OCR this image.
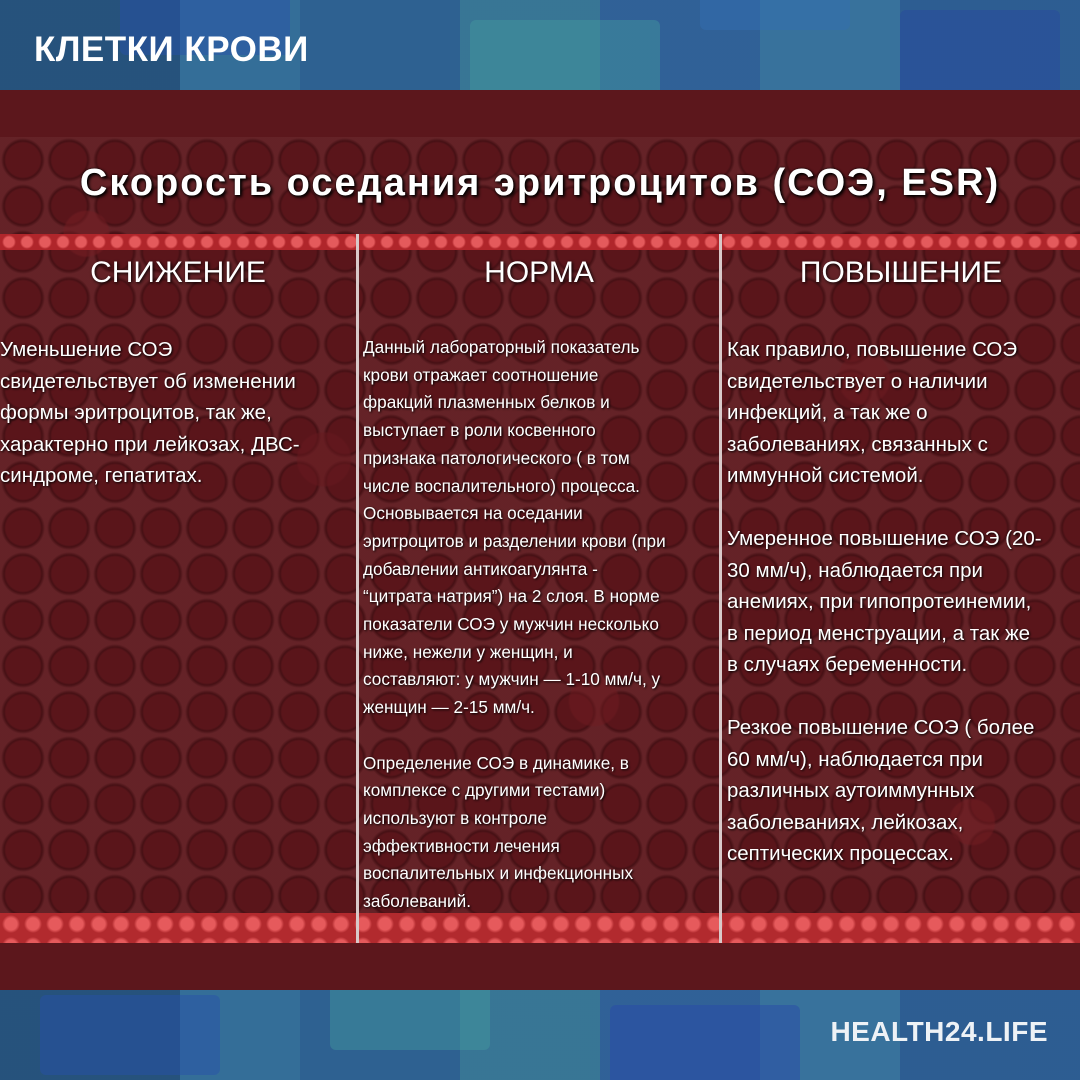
КЛЕТКИ КРОВИ
Скорость оседания эритроцитов (СОЭ, ESR)
СНИЖЕНИЕ	НОРМА	ПОВЫШЕНИЕ

Уменьшение СОЭ
свидетельствует об изменении
формы эритроцитов, так же,
характерно при лейкозах, ДВС-
синдроме, гепатитах.

Данный лабораторный показатель
крови отражает соотношение
фракций плазменных белков и
выступает в роли косвенного
признака патологического ( в том
числе воспалительного) процесса.
Основывается на оседании
эритроцитов и разделении крови (при
добавлении антикоагулянта -
“цитрата натрия”) на 2 слоя. В норме
показатели СОЭ у мужчин несколько
ниже, нежели у женщин, и
составляют: у мужчин — 1-10 мм/ч, у
женщин — 2-15 мм/ч.

Определение СОЭ в динамике, в
комплексе с другими тестами)
используют в контроле
эффективности лечения
воспалительных и инфекционных
заболеваний.

Как правило, повышение СОЭ
свидетельствует о наличии
инфекций, а так же о
заболеваниях, связанных с
иммунной системой.

Умеренное повышение СОЭ (20-
30 мм/ч), наблюдается при
анемиях, при гипопротеинемии,
в период менструации, а так же
в случаях беременности.

Резкое повышение СОЭ ( более
60 мм/ч), наблюдается при
различных аутоиммунных
заболеваниях, лейкозах,
септических процессах.

HEALTH24.LIFE
